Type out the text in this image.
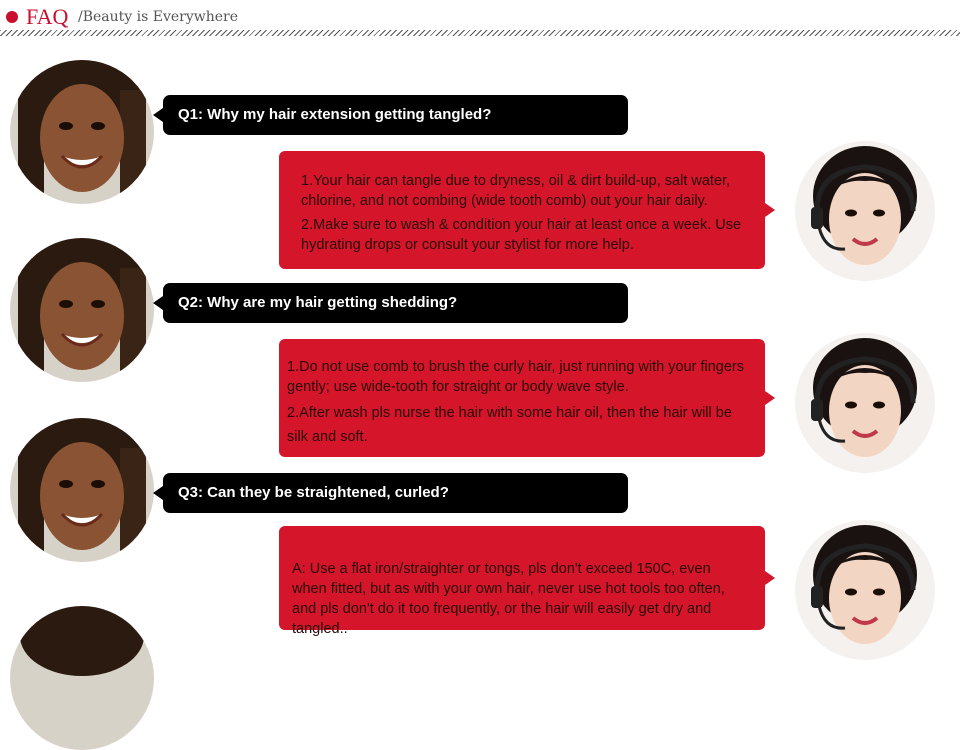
FAQ /Beauty is Everywhere
Q1: Why my hair extension getting tangled?

1.Your hair can tangle due to dryness, oil & dirt build-up, salt water, chlorine, and not combing (wide tooth comb) out your hair daily.

2.Make sure to wash & condition your hair at least once a week. Use hydrating drops or consult your stylist for more help.

Q2: Why are my hair getting shedding?

1.Do not use comb to brush the curly hair, just running with your fingers gently; use wide-tooth for straight or body wave style.

2.After wash pls nurse the hair with some hair oil, then the hair will be silk and soft.

Q3: Can they be straightened, curled?

A: Use a flat iron/straighter or tongs, pls don't exceed 150C, even when fitted, but as with your own hair, never use hot tools too often, and pls don't do it too frequently, or the hair will easily get dry and tangled..
